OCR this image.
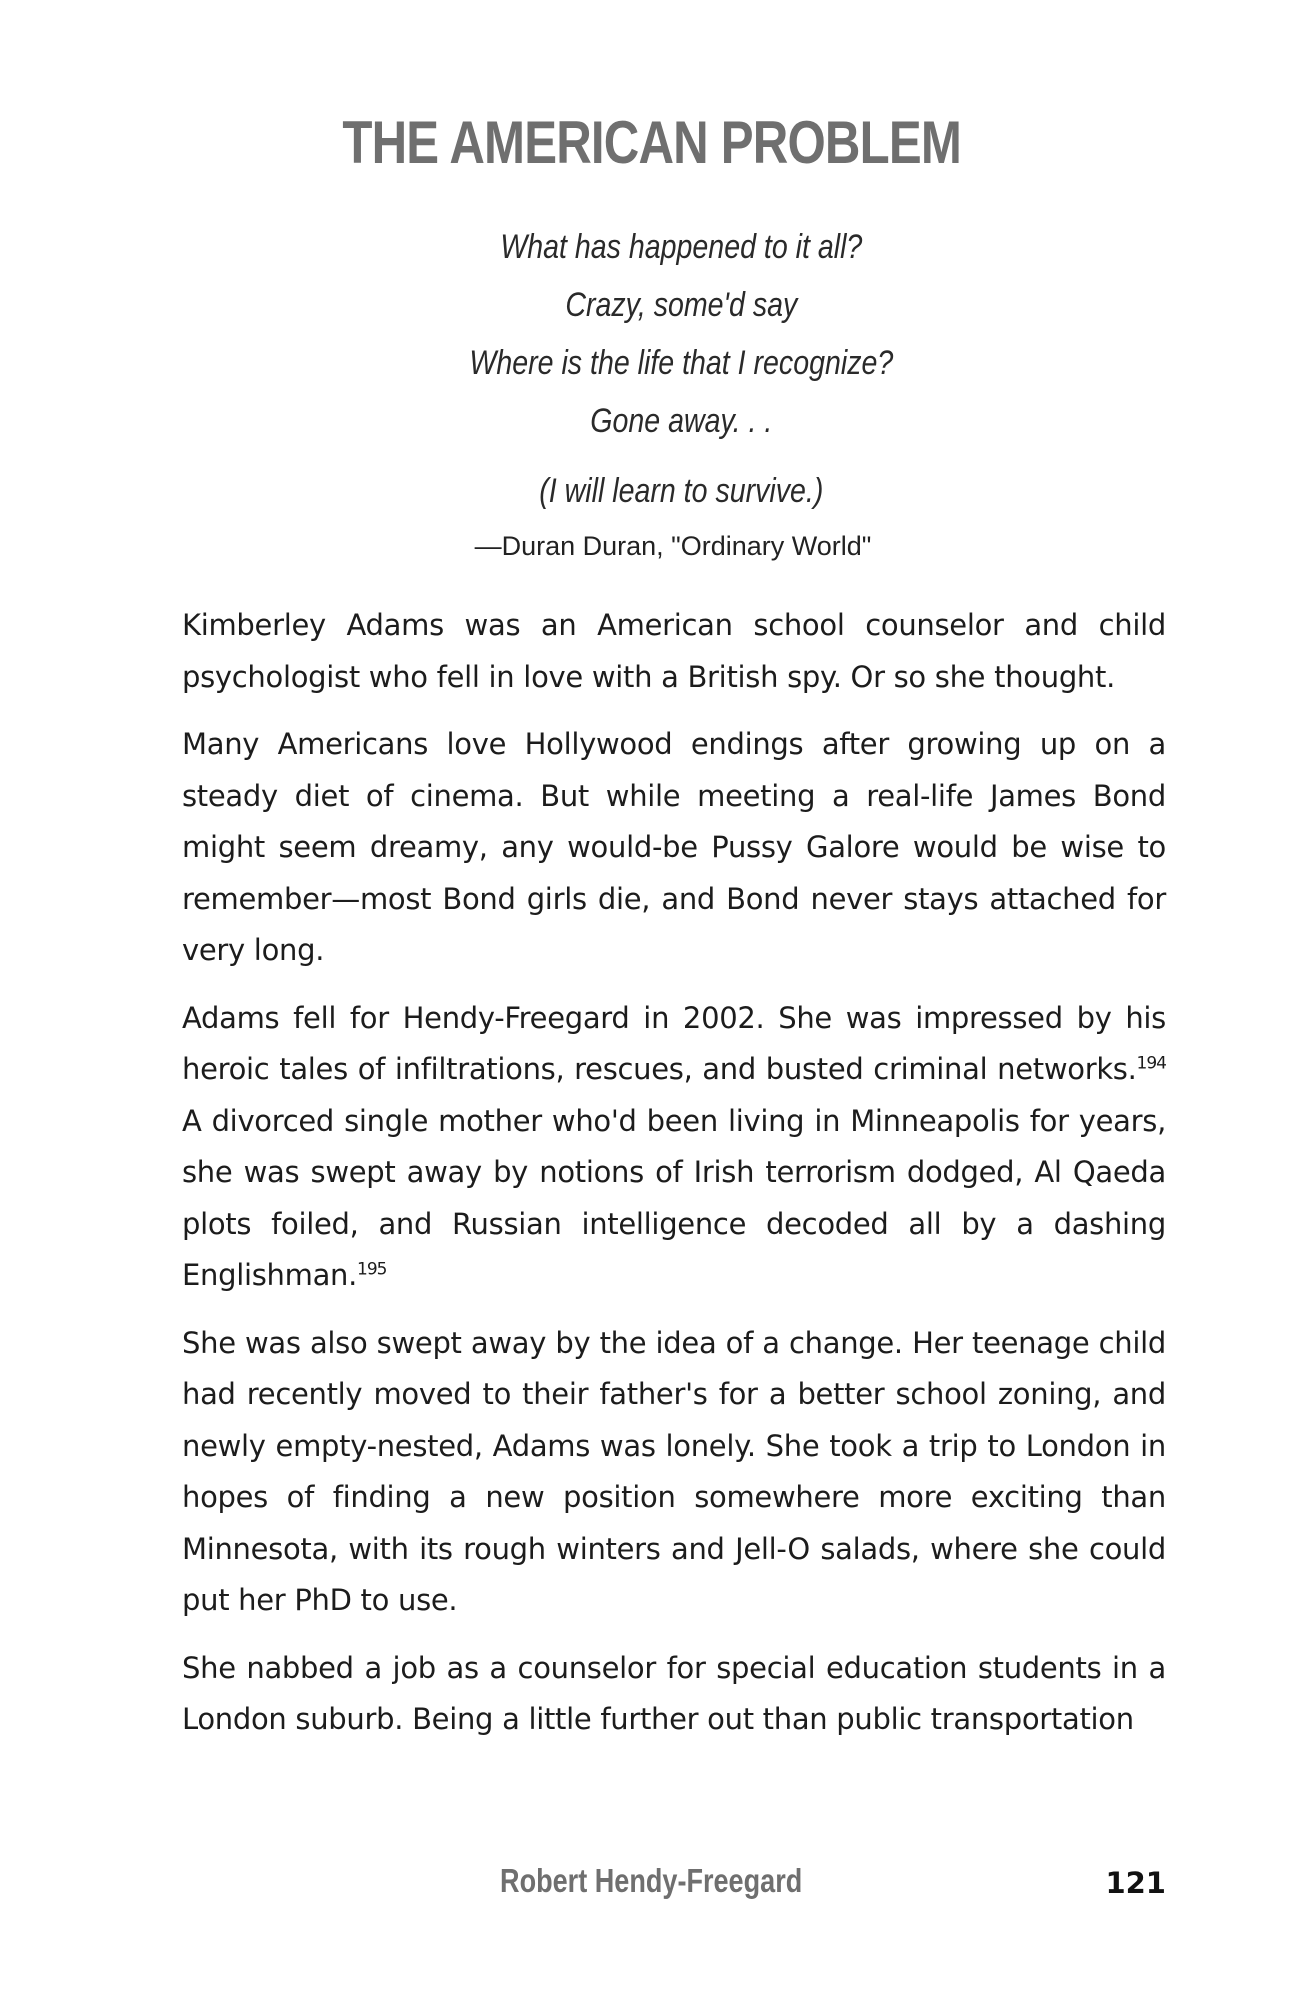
THE AMERICAN PROBLEM
What has happened to it all?
Crazy, some'd say
Where is the life that I recognize?
Gone away. . .
(I will learn to survive.)
—Duran Duran, "Ordinary World"

Kimberley Adams was an American school counselor and child psychologist who fell in love with a British spy. Or so she thought.

Many Americans love Hollywood endings after growing up on a steady diet of cinema. But while meeting a real-life James Bond might seem dreamy, any would-be Pussy Galore would be wise to remember—most Bond girls die, and Bond never stays attached for very long.

Adams fell for Hendy-Freegard in 2002. She was impressed by his heroic tales of infiltrations, rescues, and busted criminal networks.$^{194}$ A divorced single mother who'd been living in Minneapolis for years, she was swept away by notions of Irish terrorism dodged, Al Qaeda plots foiled, and Russian intelligence decoded all by a dashing Englishman.$^{195}$

She was also swept away by the idea of a change. Her teenage child had recently moved to their father's for a better school zoning, and newly empty-nested, Adams was lonely. She took a trip to London in hopes of finding a new position somewhere more exciting than Minnesota, with its rough winters and Jell-O salads, where she could put her PhD to use.

She nabbed a job as a counselor for special education students in a London suburb. Being a little further out than public transportation

Robert Hendy-Freegard	121
